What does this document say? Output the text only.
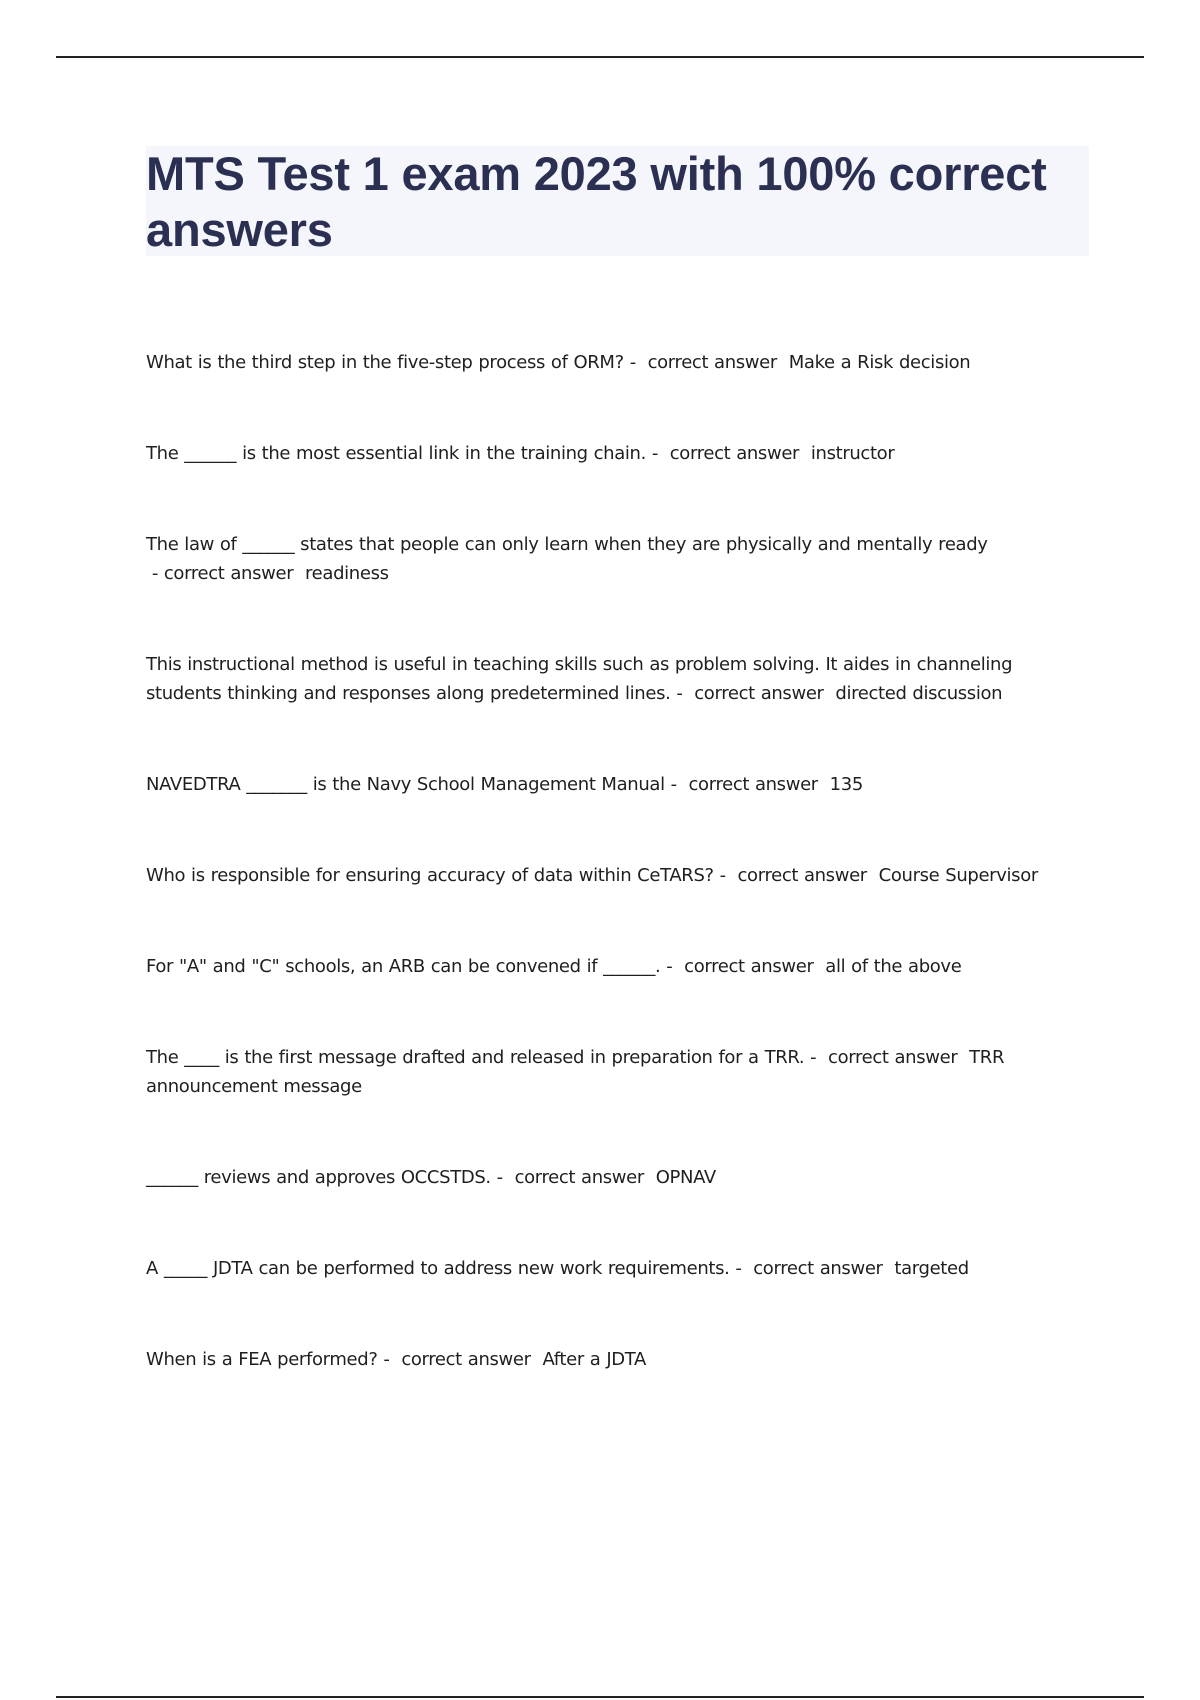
MTS Test 1 exam 2023 with 100% correct answers

What is the third step in the five-step process of ORM? -  correct answer Make a Risk decision

The ______ is the most essential link in the training chain. -  correct answer instructor

The law of ______ states that people can only learn when they are physically and mentally ready - correct answer readiness

This instructional method is useful in teaching skills such as problem solving. It aides in channeling students thinking and responses along predetermined lines. -  correct answer directed discussion

NAVEDTRA _______ is the Navy School Management Manual -  correct answer 135

Who is responsible for ensuring accuracy of data within CeTARS? -  correct answer Course Supervisor

For "A" and "C" schools, an ARB can be convened if ______. -  correct answer all of the above

The ____ is the first message drafted and released in preparation for a TRR. -  correct answer TRR announcement message

______ reviews and approves OCCSTDS. -  correct answer OPNAV

A _____ JDTA can be performed to address new work requirements. -  correct answer targeted

When is a FEA performed? -  correct answer After a JDTA
